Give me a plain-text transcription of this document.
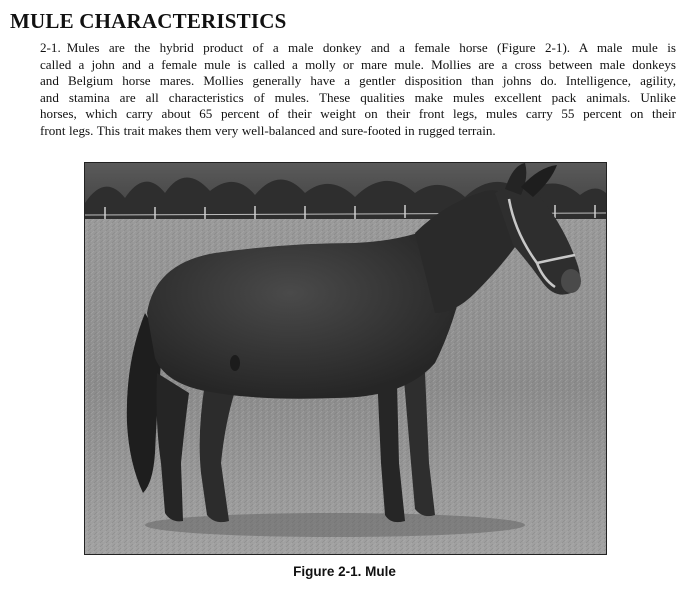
MULE CHARACTERISTICS

2-1. Mules are the hybrid product of a male donkey and a female horse (Figure 2-1). A male mule is
called a john and a female mule is called a molly or mare mule. Mollies are a cross between male donkeys
and Belgium horse mares. Mollies generally have a gentler disposition than johns do. Intelligence, agility,
and stamina are all characteristics of mules. These qualities make mules excellent pack animals. Unlike
horses, which carry about 65 percent of their weight on their front legs, mules carry 55 percent on their
front legs. This trait makes them very well-balanced and sure-footed in rugged terrain.

Figure 2-1. Mule
